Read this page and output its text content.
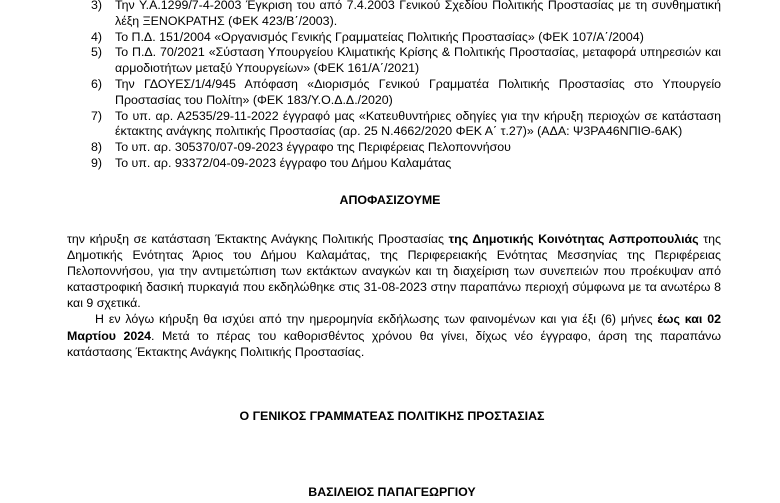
3) Την Υ.Α.1299/7-4-2003 Έγκριση του από 7.4.2003 Γενικού Σχεδίου Πολιτικής Προστασίας με τη συνθηματική λέξη ΞΕΝΟΚΡΑΤΗΣ (ΦΕΚ 423/Β΄/2003).
4) Το Π.Δ. 151/2004 «Οργανισμός Γενικής Γραμματείας Πολιτικής Προστασίας» (ΦΕΚ 107/Α΄/2004)
5) Το Π.Δ. 70/2021 «Σύσταση Υπουργείου Κλιματικής Κρίσης & Πολιτικής Προστασίας, μεταφορά υπηρεσιών και αρμοδιοτήτων μεταξύ Υπουργείων» (ΦΕΚ 161/Α΄/2021)
6) Την ΓΔΟΥΕΣ/1/4/945 Απόφαση «Διορισμός Γενικού Γραμματέα Πολιτικής Προστασίας στο Υπουργείο Προστασίας του Πολίτη» (ΦΕΚ 183/Υ.Ο.Δ.Δ./2020)
7) Το υπ. αρ. Α2535/29-11-2022 έγγραφό μας «Κατευθυντήριες οδηγίες για την κήρυξη περιοχών σε κατάσταση έκτακτης ανάγκης πολιτικής Προστασίας (αρ. 25 Ν.4662/2020 ΦΕΚ Α΄ τ.27)» (ΑΔΑ: Ψ3ΡΑ46ΝΠΙΘ-6ΑΚ)
8) Το υπ. αρ. 305370/07-09-2023 έγγραφο της Περιφέρειας Πελοποννήσου
9) Το υπ. αρ. 93372/04-09-2023 έγγραφο του Δήμου Καλαμάτας
ΑΠΟΦΑΣΙΖΟΥΜΕ

την κήρυξη σε κατάσταση Έκτακτης Ανάγκης Πολιτικής Προστασίας της Δημοτικής Κοινότητας Ασπροπουλιάς της Δημοτικής Ενότητας Άριος του Δήμου Καλαμάτας, της Περιφερειακής Ενότητας Μεσσηνίας της Περιφέρειας Πελοποννήσου, για την αντιμετώπιση των εκτάκτων αναγκών και τη διαχείριση των συνεπειών που προέκυψαν από καταστροφική δασική πυρκαγιά που εκδηλώθηκε στις 31-08-2023 στην παραπάνω περιοχή σύμφωνα με τα ανωτέρω 8 και 9 σχετικά.

Η εν λόγω κήρυξη θα ισχύει από την ημερομηνία εκδήλωσης των φαινομένων και για έξι (6) μήνες έως και 02 Μαρτίου 2024. Μετά το πέρας του καθορισθέντος χρόνου θα γίνει, δίχως νέο έγγραφο, άρση της παραπάνω κατάστασης Έκτακτης Ανάγκης Πολιτικής Προστασίας.

Ο ΓΕΝΙΚΟΣ ΓΡΑΜΜΑΤΕΑΣ ΠΟΛΙΤΙΚΗΣ ΠΡΟΣΤΑΣΙΑΣ
ΒΑΣΙΛΕΙΟΣ ΠΑΠΑΓΕΩΡΓΙΟΥ
